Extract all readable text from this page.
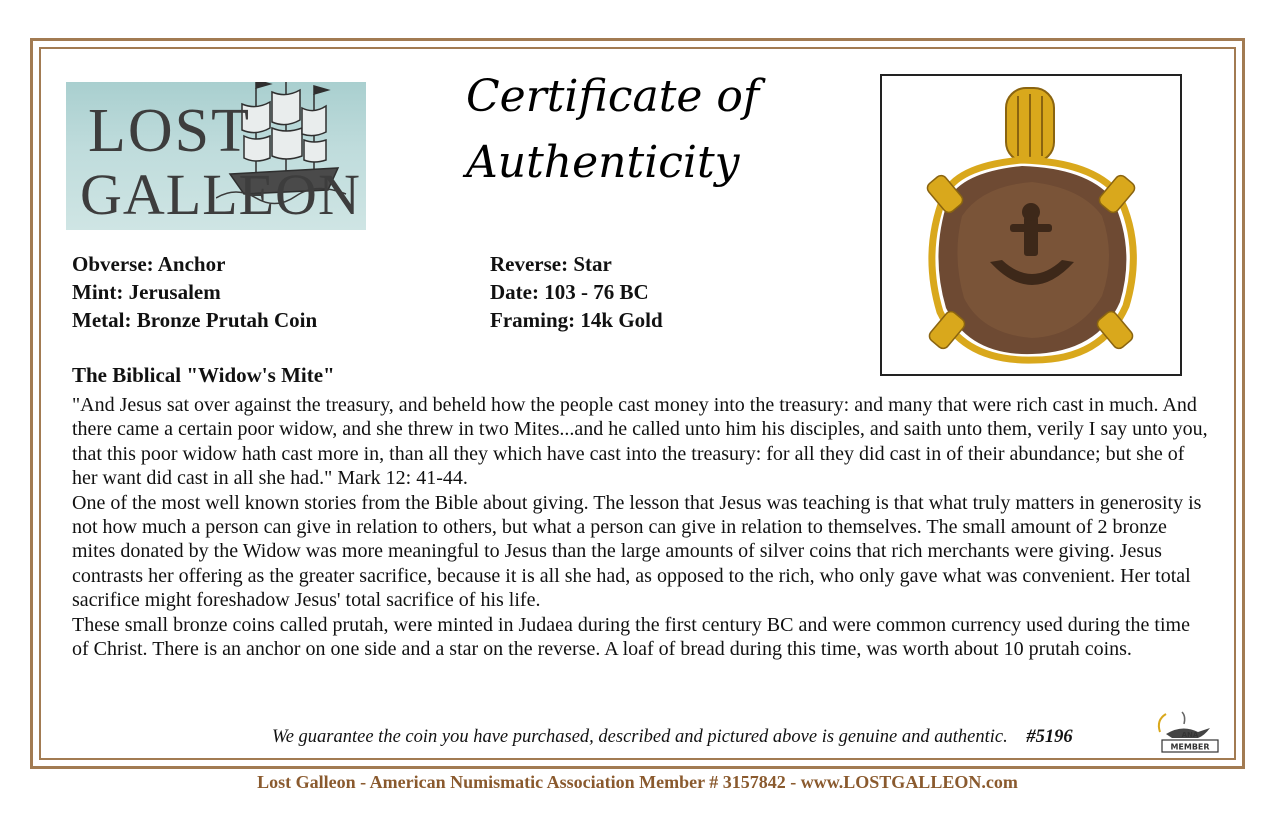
LOST
GALLEON
Certificate of
Authenticity
Obverse: Anchor
Mint: Jerusalem
Metal: Bronze Prutah Coin
Reverse: Star
Date: 103 - 76 BC
Framing: 14k Gold
The Biblical "Widow's Mite"

"And Jesus sat over against the treasury, and beheld how the people cast money into the treasury: and many that were rich cast in much. And there came a certain poor widow, and she threw in two Mites...and he called unto him his disciples, and saith unto them, verily I say unto you, that this poor widow hath cast more in, than all they which have cast into the treasury: for all they did cast in of their abundance; but she of her want did cast in all she had." Mark 12: 41-44.

One of the most well known stories from the Bible about giving. The lesson that Jesus was teaching is that what truly matters in generosity is not how much a person can give in relation to others, but what a person can give in relation to themselves. The small amount of 2 bronze mites donated by the Widow was more meaningful to Jesus than the large amounts of silver coins that rich merchants were giving. Jesus contrasts her offering as the greater sacrifice, because it is all she had, as opposed to the rich, who only gave what was convenient. Her total sacrifice might foreshadow Jesus' total sacrifice of his life.

These small bronze coins called prutah, were minted in Judaea during the first century BC and were common currency used during the time of Christ. There is an anchor on one side and a star on the reverse. A loaf of bread during this time, was worth about 10 prutah coins.

We guarantee the coin you have purchased, described and pictured above is genuine and authentic. #5196	ANA
MEMBER
Lost Galleon - American Numismatic Association Member # 3157842 - www.LOSTGALLEON.com
